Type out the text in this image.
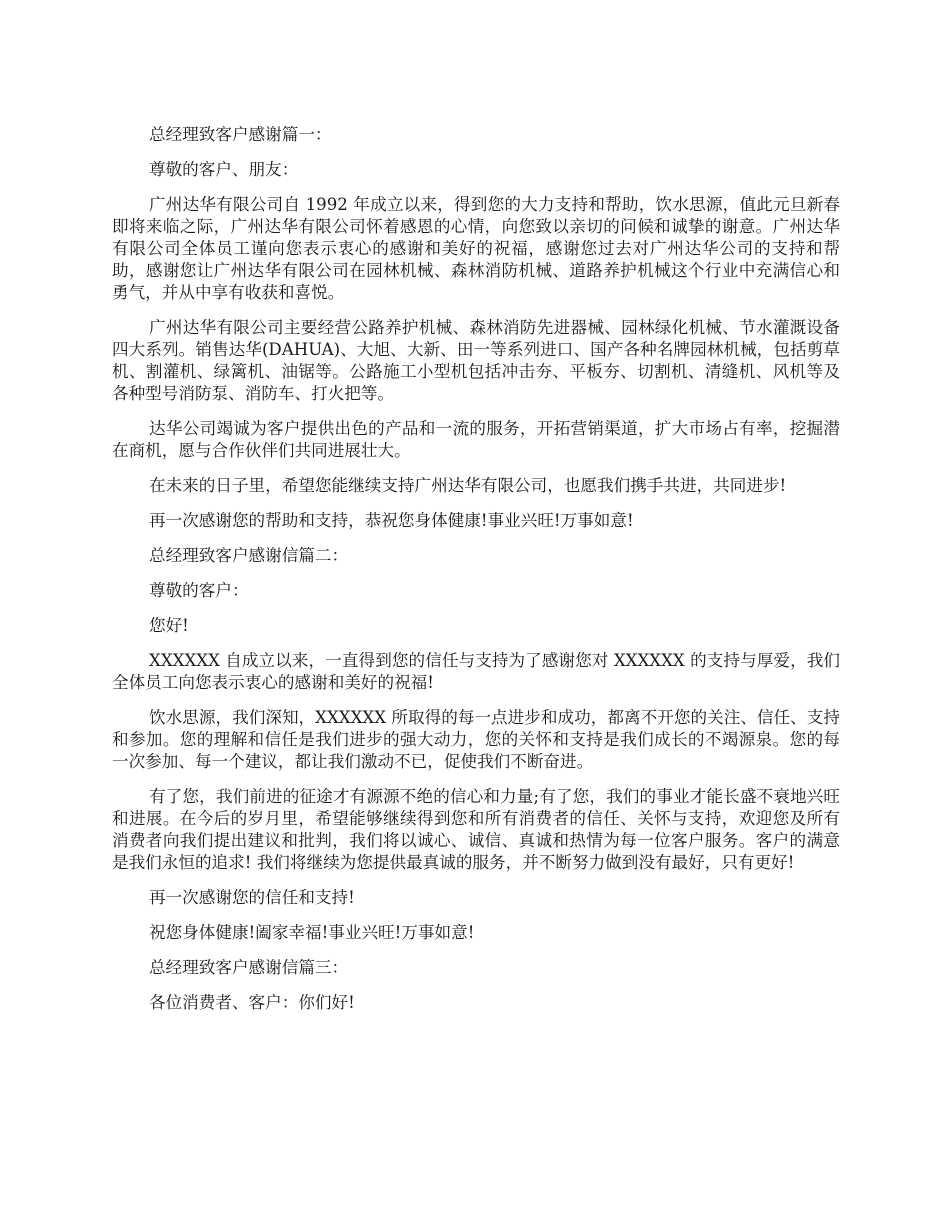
总经理致客户感谢篇一：

尊敬的客户、朋友：

广州达华有限公司自 1992 年成立以来，得到您的大力支持和帮助，饮水思源，值此元旦新春即将来临之际，广州达华有限公司怀着感恩的心情，向您致以亲切的问候和诚挚的谢意。广州达华有限公司全体员工谨向您表示衷心的感谢和美好的祝福，感谢您过去对广州达华公司的支持和帮助，感谢您让广州达华有限公司在园林机械、森林消防机械、道路养护机械这个行业中充满信心和勇气，并从中享有收获和喜悦。

广州达华有限公司主要经营公路养护机械、森林消防先进器械、园林绿化机械、节水灌溉设备四大系列。销售达华(DAHUA)、大旭、大新、田一等系列进口、国产各种名牌园林机械，包括剪草机、割灌机、绿篱机、油锯等。公路施工小型机包括冲击夯、平板夯、切割机、清缝机、风机等及各种型号消防泵、消防车、打火把等。

达华公司竭诚为客户提供出色的产品和一流的服务，开拓营销渠道，扩大市场占有率，挖掘潜在商机，愿与合作伙伴们共同进展壮大。

在未来的日子里，希望您能继续支持广州达华有限公司，也愿我们携手共进，共同进步!

再一次感谢您的帮助和支持，恭祝您身体健康!事业兴旺!万事如意!

总经理致客户感谢信篇二：

尊敬的客户：

您好!

XXXXXX 自成立以来，一直得到您的信任与支持为了感谢您对 XXXXXX 的支持与厚爱，我们全体员工向您表示衷心的感谢和美好的祝福!

饮水思源，我们深知，XXXXXX 所取得的每一点进步和成功，都离不开您的关注、信任、支持和参加。您的理解和信任是我们进步的强大动力，您的关怀和支持是我们成长的不竭源泉。您的每一次参加、每一个建议，都让我们激动不已，促使我们不断奋进。

有了您，我们前进的征途才有源源不绝的信心和力量;有了您，我们的事业才能长盛不衰地兴旺和进展。在今后的岁月里，希望能够继续得到您和所有消费者的信任、关怀与支持，欢迎您及所有消费者向我们提出建议和批判，我们将以诚心、诚信、真诚和热情为每一位客户服务。客户的满意是我们永恒的追求! 我们将继续为您提供最真诚的服务，并不断努力做到没有最好，只有更好!

再一次感谢您的信任和支持!

祝您身体健康!阖家幸福!事业兴旺!万事如意!

总经理致客户感谢信篇三：

各位消费者、客户：你们好!
